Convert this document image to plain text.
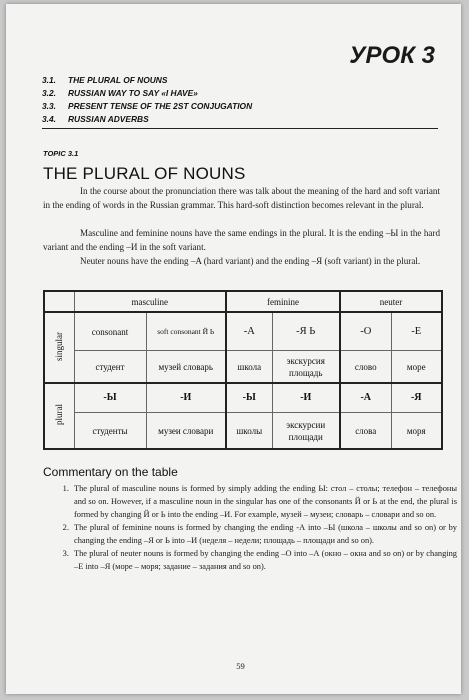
УРОК 3
3.1. THE PLURAL OF NOUNS
3.2. RUSSIAN WAY TO SAY «I HAVE»
3.3. PRESENT TENSE OF THE 2ST CONJUGATION
3.4. RUSSIAN ADVERBS
TOPIC 3.1
THE PLURAL OF NOUNS
In the course about the pronunciation there was talk about the meaning of the hard and soft variant in the ending of words in the Russian grammar. This hard-soft distinction becomes relevant in the plural.
Masculine and feminine nouns have the same endings in the plural. It is the ending –Ы in the hard variant and the ending –И in the soft variant.
Neuter nouns have the ending –A (hard variant) and the ending –Я (soft variant) in the plural.
	masculine		feminine		neuter	
singular	consonant	soft consonant Й Ь	-А	-Я Ь	-О	-Е
	студент	музей словарь	школа	экскурсия площадь	слово	море
plural	-Ы	-И	-Ы	-И	-А	-Я
	студенты	музеи словари	школы	экскурсии площади	слова	моря
Commentary on the table
1. The plural of masculine nouns is formed by simply adding the ending Ы: стол – столы; телефон – телефоны and so on. However, if a masculine noun in the singular has one of the consonants Й or Ь at the end, the plural is formed by changing Й or Ь into the ending –И. For example, музей – музеи; словарь – словари and so on.
2. The plural of feminine nouns is formed by changing the ending -А into –Ы (школа – школы and so on) or by changing the ending –Я or Ь into –И (неделя – недели; площадь – площади and so on).
3. The plural of neuter nouns is formed by changing the ending –О into –А (окно – окна and so on) or by changing –Е into –Я (море – моря; задание – задания and so on).
59
